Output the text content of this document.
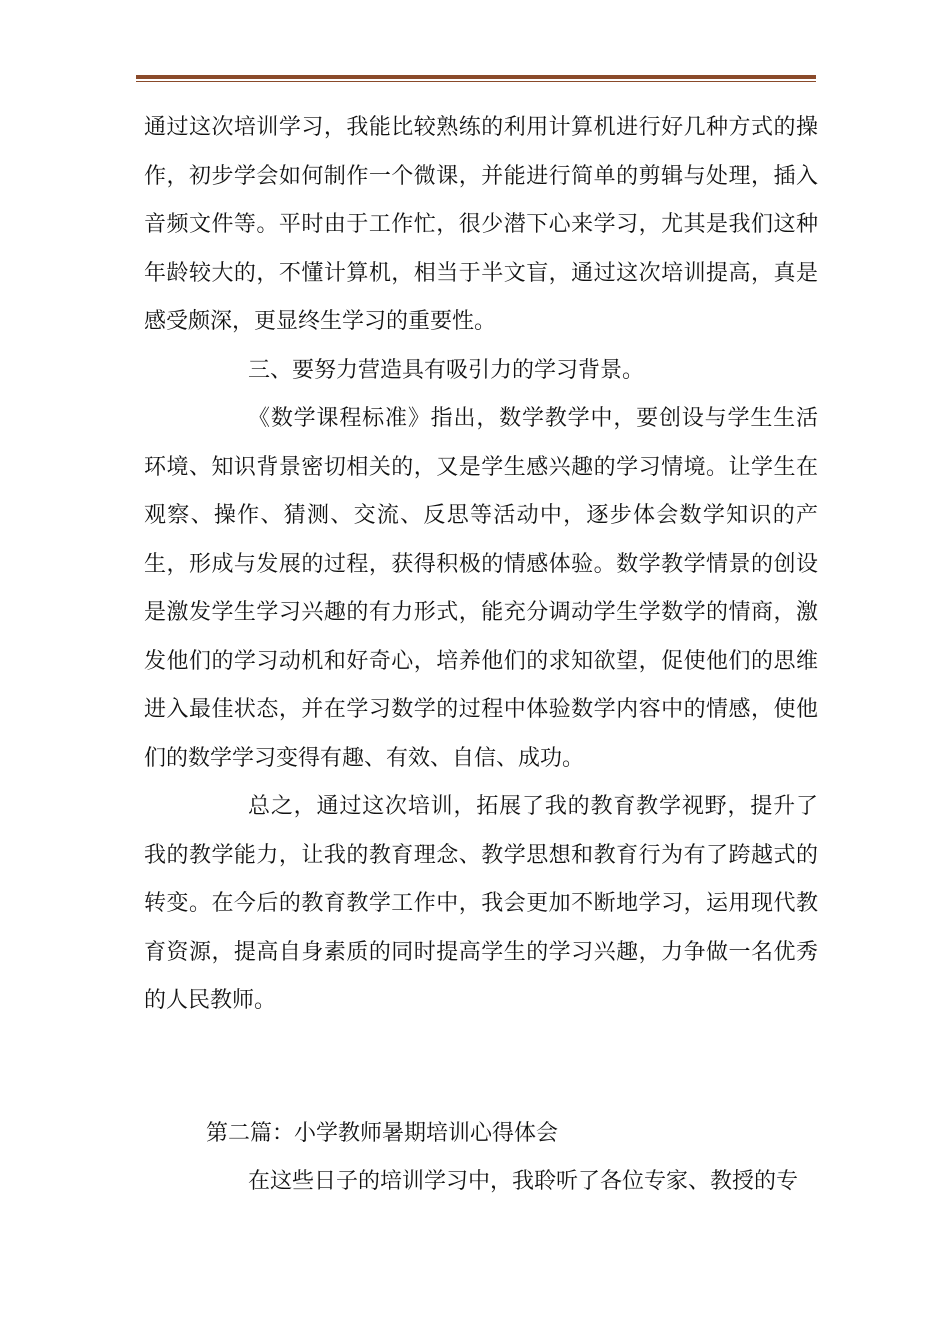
通过这次培训学习，我能比较熟练的利用计算机进行好几种方式的操作，初步学会如何制作一个微课，并能进行简单的剪辑与处理，插入音频文件等。平时由于工作忙，很少潜下心来学习，尤其是我们这种年龄较大的，不懂计算机，相当于半文盲，通过这次培训提高，真是感受颇深，更显终生学习的重要性。

三、要努力营造具有吸引力的学习背景。

《数学课程标准》指出，数学教学中，要创设与学生生活环境、知识背景密切相关的，又是学生感兴趣的学习情境。让学生在观察、操作、猜测、交流、反思等活动中，逐步体会数学知识的产生，形成与发展的过程，获得积极的情感体验。数学教学情景的创设是激发学生学习兴趣的有力形式，能充分调动学生学数学的情商，激发他们的学习动机和好奇心，培养他们的求知欲望，促使他们的思维进入最佳状态，并在学习数学的过程中体验数学内容中的情感，使他们的数学学习变得有趣、有效、自信、成功。

总之，通过这次培训，拓展了我的教育教学视野，提升了我的教学能力，让我的教育理念、教学思想和教育行为有了跨越式的转变。在今后的教育教学工作中，我会更加不断地学习，运用现代教育资源，提高自身素质的同时提高学生的学习兴趣，力争做一名优秀的人民教师。

第二篇：小学教师暑期培训心得体会

在这些日子的培训学习中，我聆听了各位专家、教授的专
